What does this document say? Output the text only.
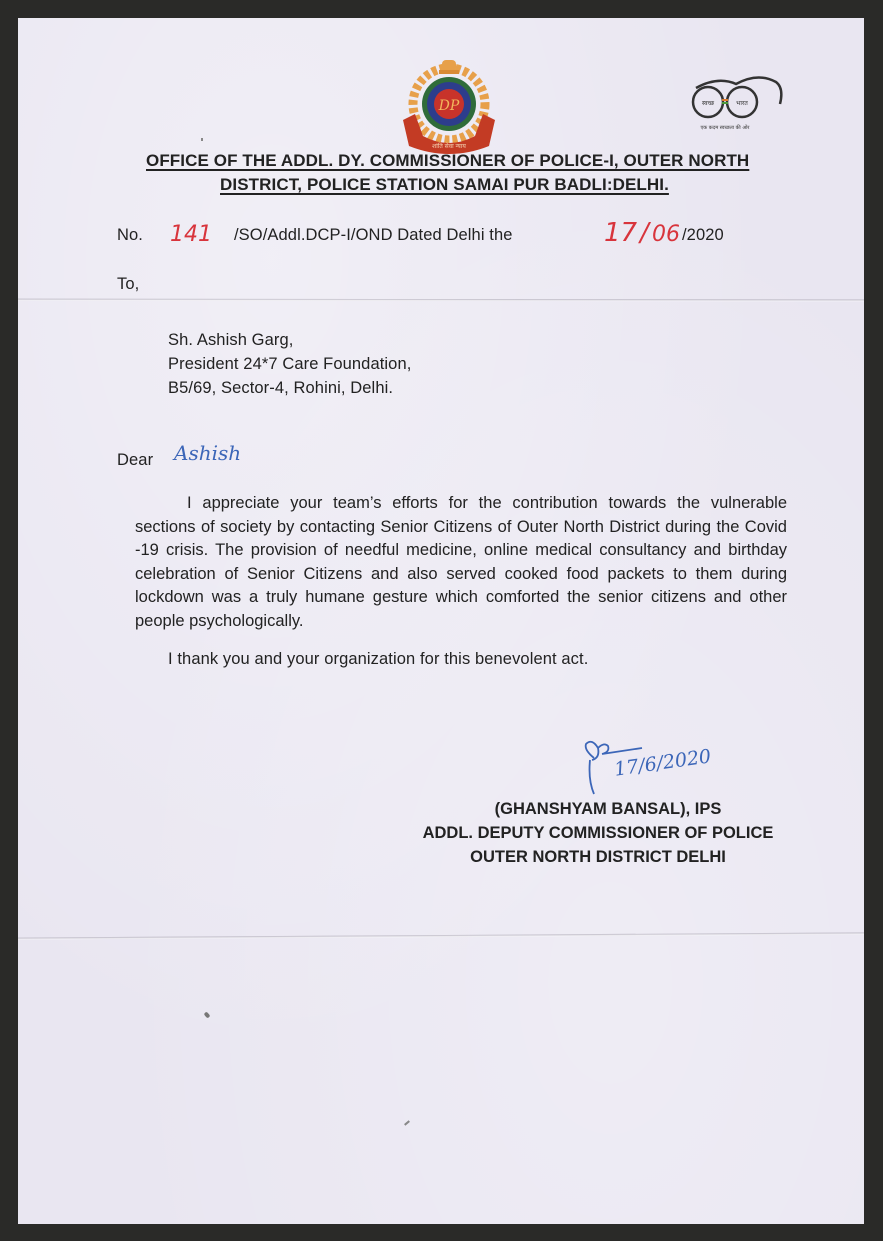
DP
शांति सेवा न्याय
स्वच्छ	भारत
एक कदम स्वच्छता की ओर
OFFICE OF THE ADDL. DY. COMMISSIONER OF POLICE-I, OUTER NORTH
DISTRICT, POLICE STATION SAMAI PUR BADLI:DELHI.
No. 141 /SO/Addl.DCP-I/OND Dated Delhi the	17 / 06 /2020
To,
Sh. Ashish Garg,
President 24*7 Care Foundation,
B5/69, Sector-4, Rohini, Delhi.
Dear Ashish
I appreciate your team’s efforts for the contribution towards the vulnerable sections of society by contacting Senior Citizens of Outer North District during the Covid -19 crisis. The provision of needful medicine, online medical consultancy and birthday celebration of Senior Citizens and also served cooked food packets to them during lockdown was a truly humane gesture which comforted the senior citizens and other people psychologically.
I thank you and your organization for this benevolent act.
17/6/2020
(GHANSHYAM BANSAL), IPS
ADDL. DEPUTY COMMISSIONER OF POLICE
OUTER NORTH DISTRICT DELHI
